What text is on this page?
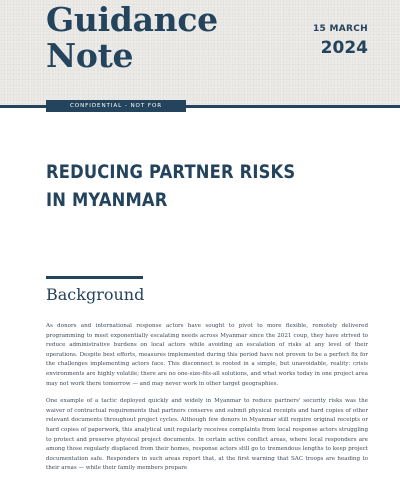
Guidance
Note

15 MARCH

2024

CONFIDENTIAL - NOT FOR DISTRIBUTION
REDUCING PARTNER RISKS
IN MYANMAR
Background

As donors and international response actors have sought to pivot to more flexible, remotely delivered programming to meet exponentially escalating needs across Myanmar since the 2021 coup, they have strived to reduce administrative burdens on local actors while avoiding an escalation of risks at any level of their operations. Despite best efforts, measures implemented during this period have not proven to be a perfect fix for the challenges implementing actors face. This disconnect is rooted in a simple, but unavoidable, reality: crisis environments are highly volatile; there are no one-size-fits-all solutions, and what works today in one project area may not work there tomorrow — and may never work in other target geographies.

One example of a tactic deployed quickly and widely in Myanmar to reduce partners' security risks was the waiver of contractual requirements that partners conserve and submit physical receipts and hard copies of other relevant documents throughout project cycles. Although few donors in Myanmar still require original receipts or hard copies of paperwork, this analytical unit regularly receives complaints from local response actors struggling to protect and preserve physical project documents. In certain active conflict areas, where local responders are among those regularly displaced from their homes, response actors still go to tremendous lengths to keep project documentation safe. Responders in such areas report that, at the first warning that SAC troops are heading to their areas — while their family members prepare
